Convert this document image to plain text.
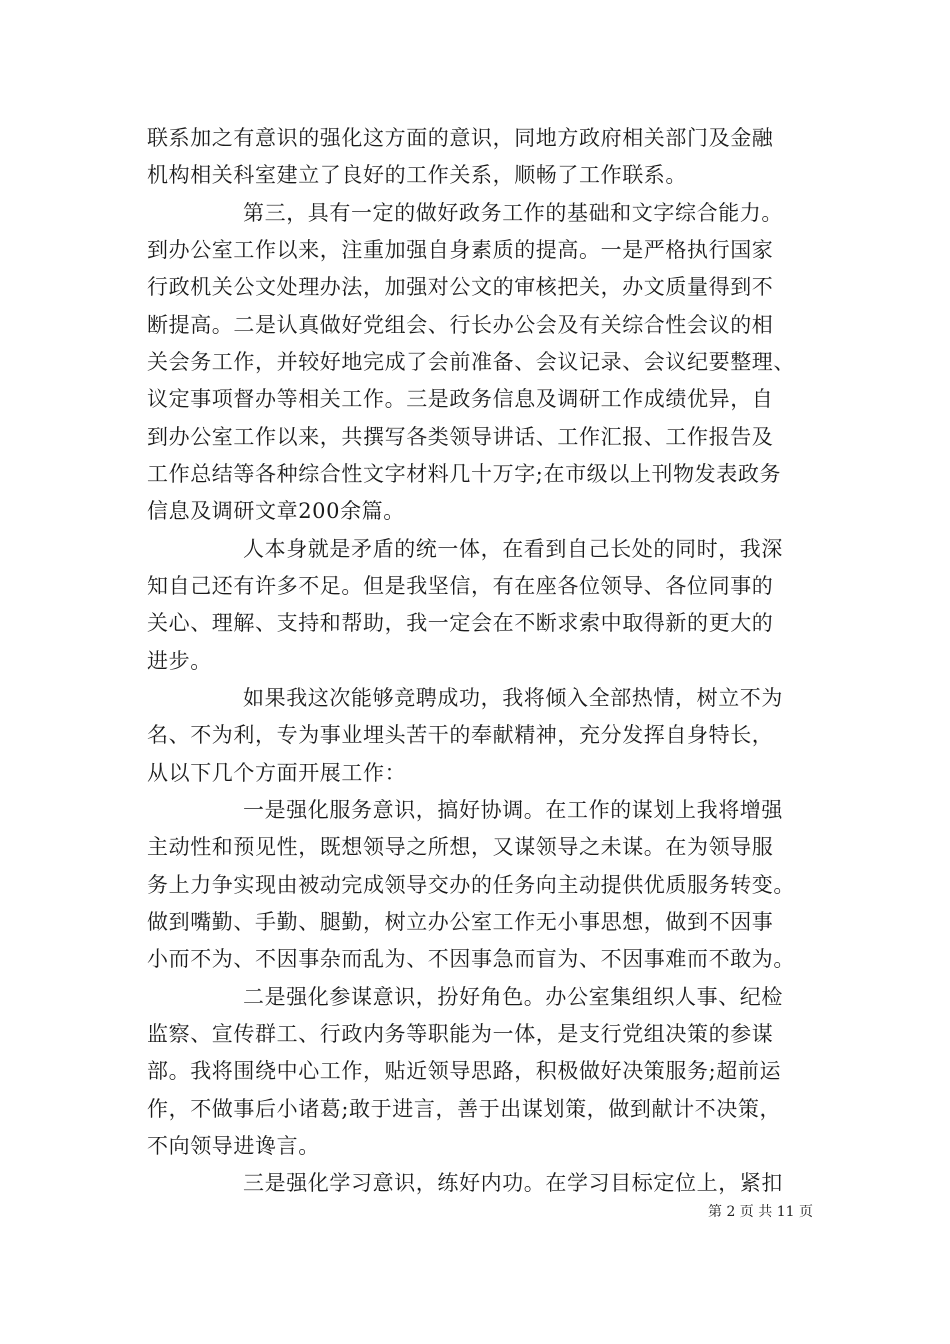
联系加之有意识的强化这方面的意识，同地方政府相关部门及金融
机构相关科室建立了良好的工作关系，顺畅了工作联系。
第三，具有一定的做好政务工作的基础和文字综合能力。
到办公室工作以来，注重加强自身素质的提高。一是严格执行国家
行政机关公文处理办法，加强对公文的审核把关，办文质量得到不
断提高。二是认真做好党组会、行长办公会及有关综合性会议的相
关会务工作，并较好地完成了会前准备、会议记录、会议纪要整理、
议定事项督办等相关工作。三是政务信息及调研工作成绩优异，自
到办公室工作以来，共撰写各类领导讲话、工作汇报、工作报告及
工作总结等各种综合性文字材料几十万字;在市级以上刊物发表政务
信息及调研文章200余篇。
人本身就是矛盾的统一体，在看到自己长处的同时，我深
知自己还有许多不足。但是我坚信，有在座各位领导、各位同事的
关心、理解、支持和帮助，我一定会在不断求索中取得新的更大的
进步。
如果我这次能够竞聘成功，我将倾入全部热情，树立不为
名、不为利，专为事业埋头苦干的奉献精神，充分发挥自身特长，
从以下几个方面开展工作：
一是强化服务意识，搞好协调。在工作的谋划上我将增强
主动性和预见性，既想领导之所想，又谋领导之未谋。在为领导服
务上力争实现由被动完成领导交办的任务向主动提供优质服务转变。
做到嘴勤、手勤、腿勤，树立办公室工作无小事思想，做到不因事
小而不为、不因事杂而乱为、不因事急而盲为、不因事难而不敢为。
二是强化参谋意识，扮好角色。办公室集组织人事、纪检
监察、宣传群工、行政内务等职能为一体，是支行党组决策的参谋
部。我将围绕中心工作，贴近领导思路，积极做好决策服务;超前运
作，不做事后小诸葛;敢于进言，善于出谋划策，做到献计不决策，
不向领导进谗言。
三是强化学习意识，练好内功。在学习目标定位上，紧扣
第 2 页 共 11 页
